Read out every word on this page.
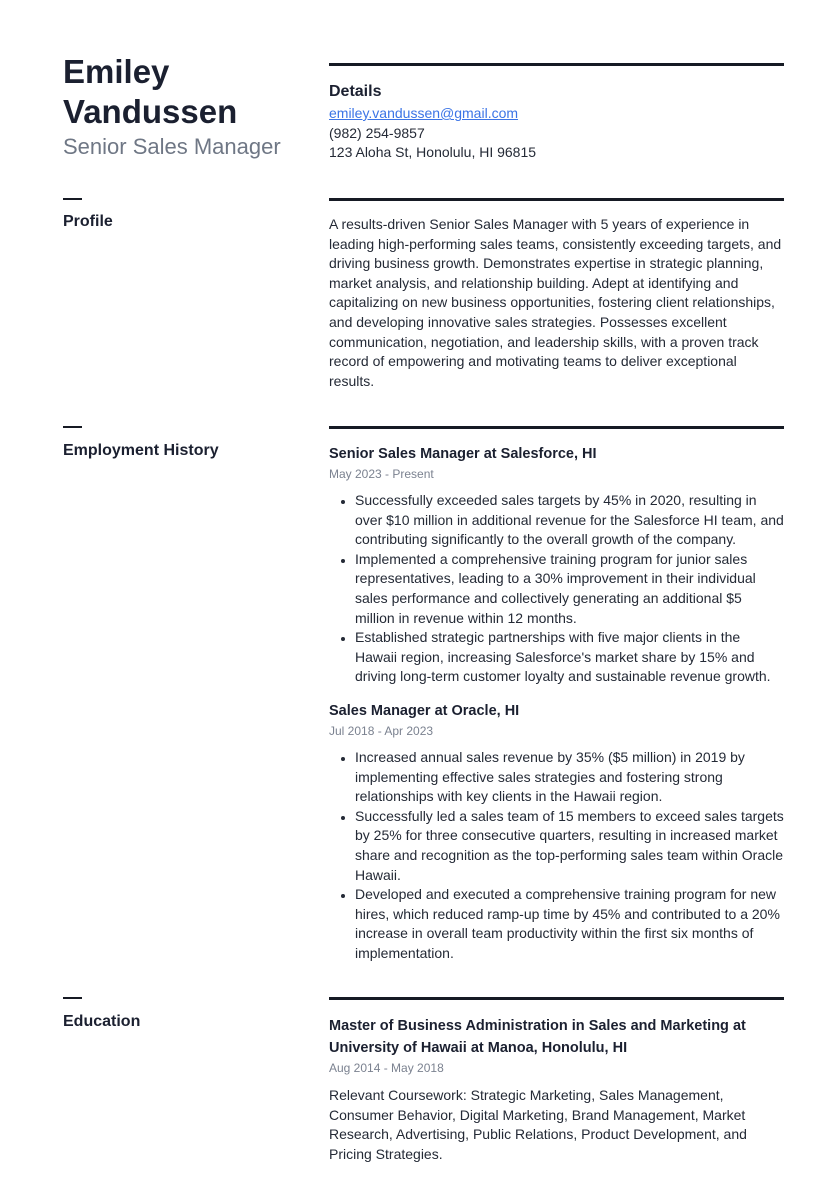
Emiley
Vandussen
Senior Sales Manager
Details
emiley.vandussen@gmail.com
(982) 254-9857
123 Aloha St, Honolulu, HI 96815
Profile	A results-driven Senior Sales Manager with 5 years of experience in leading high-performing sales teams, consistently exceeding targets, and driving business growth. Demonstrates expertise in strategic planning, market analysis, and relationship building. Adept at identifying and capitalizing on new business opportunities, fostering client relationships, and developing innovative sales strategies. Possesses excellent communication, negotiation, and leadership skills, with a proven track record of empowering and motivating teams to deliver exceptional results.
Employment History	Senior Sales Manager at Salesforce, HI
May 2023 - Present
• Successfully exceeded sales targets by 45% in 2020, resulting in over $10 million in additional revenue for the Salesforce HI team, and contributing significantly to the overall growth of the company.
• Implemented a comprehensive training program for junior sales representatives, leading to a 30% improvement in their individual sales performance and collectively generating an additional $5 million in revenue within 12 months.
• Established strategic partnerships with five major clients in the Hawaii region, increasing Salesforce's market share by 15% and driving long-term customer loyalty and sustainable revenue growth.
Sales Manager at Oracle, HI
Jul 2018 - Apr 2023
• Increased annual sales revenue by 35% ($5 million) in 2019 by implementing effective sales strategies and fostering strong relationships with key clients in the Hawaii region.
• Successfully led a sales team of 15 members to exceed sales targets by 25% for three consecutive quarters, resulting in increased market share and recognition as the top-performing sales team within Oracle Hawaii.
• Developed and executed a comprehensive training program for new hires, which reduced ramp-up time by 45% and contributed to a 20% increase in overall team productivity within the first six months of implementation.
Education	Master of Business Administration in Sales and Marketing at University of Hawaii at Manoa, Honolulu, HI
Aug 2014 - May 2018
Relevant Coursework: Strategic Marketing, Sales Management, Consumer Behavior, Digital Marketing, Brand Management, Market Research, Advertising, Public Relations, Product Development, and Pricing Strategies.
